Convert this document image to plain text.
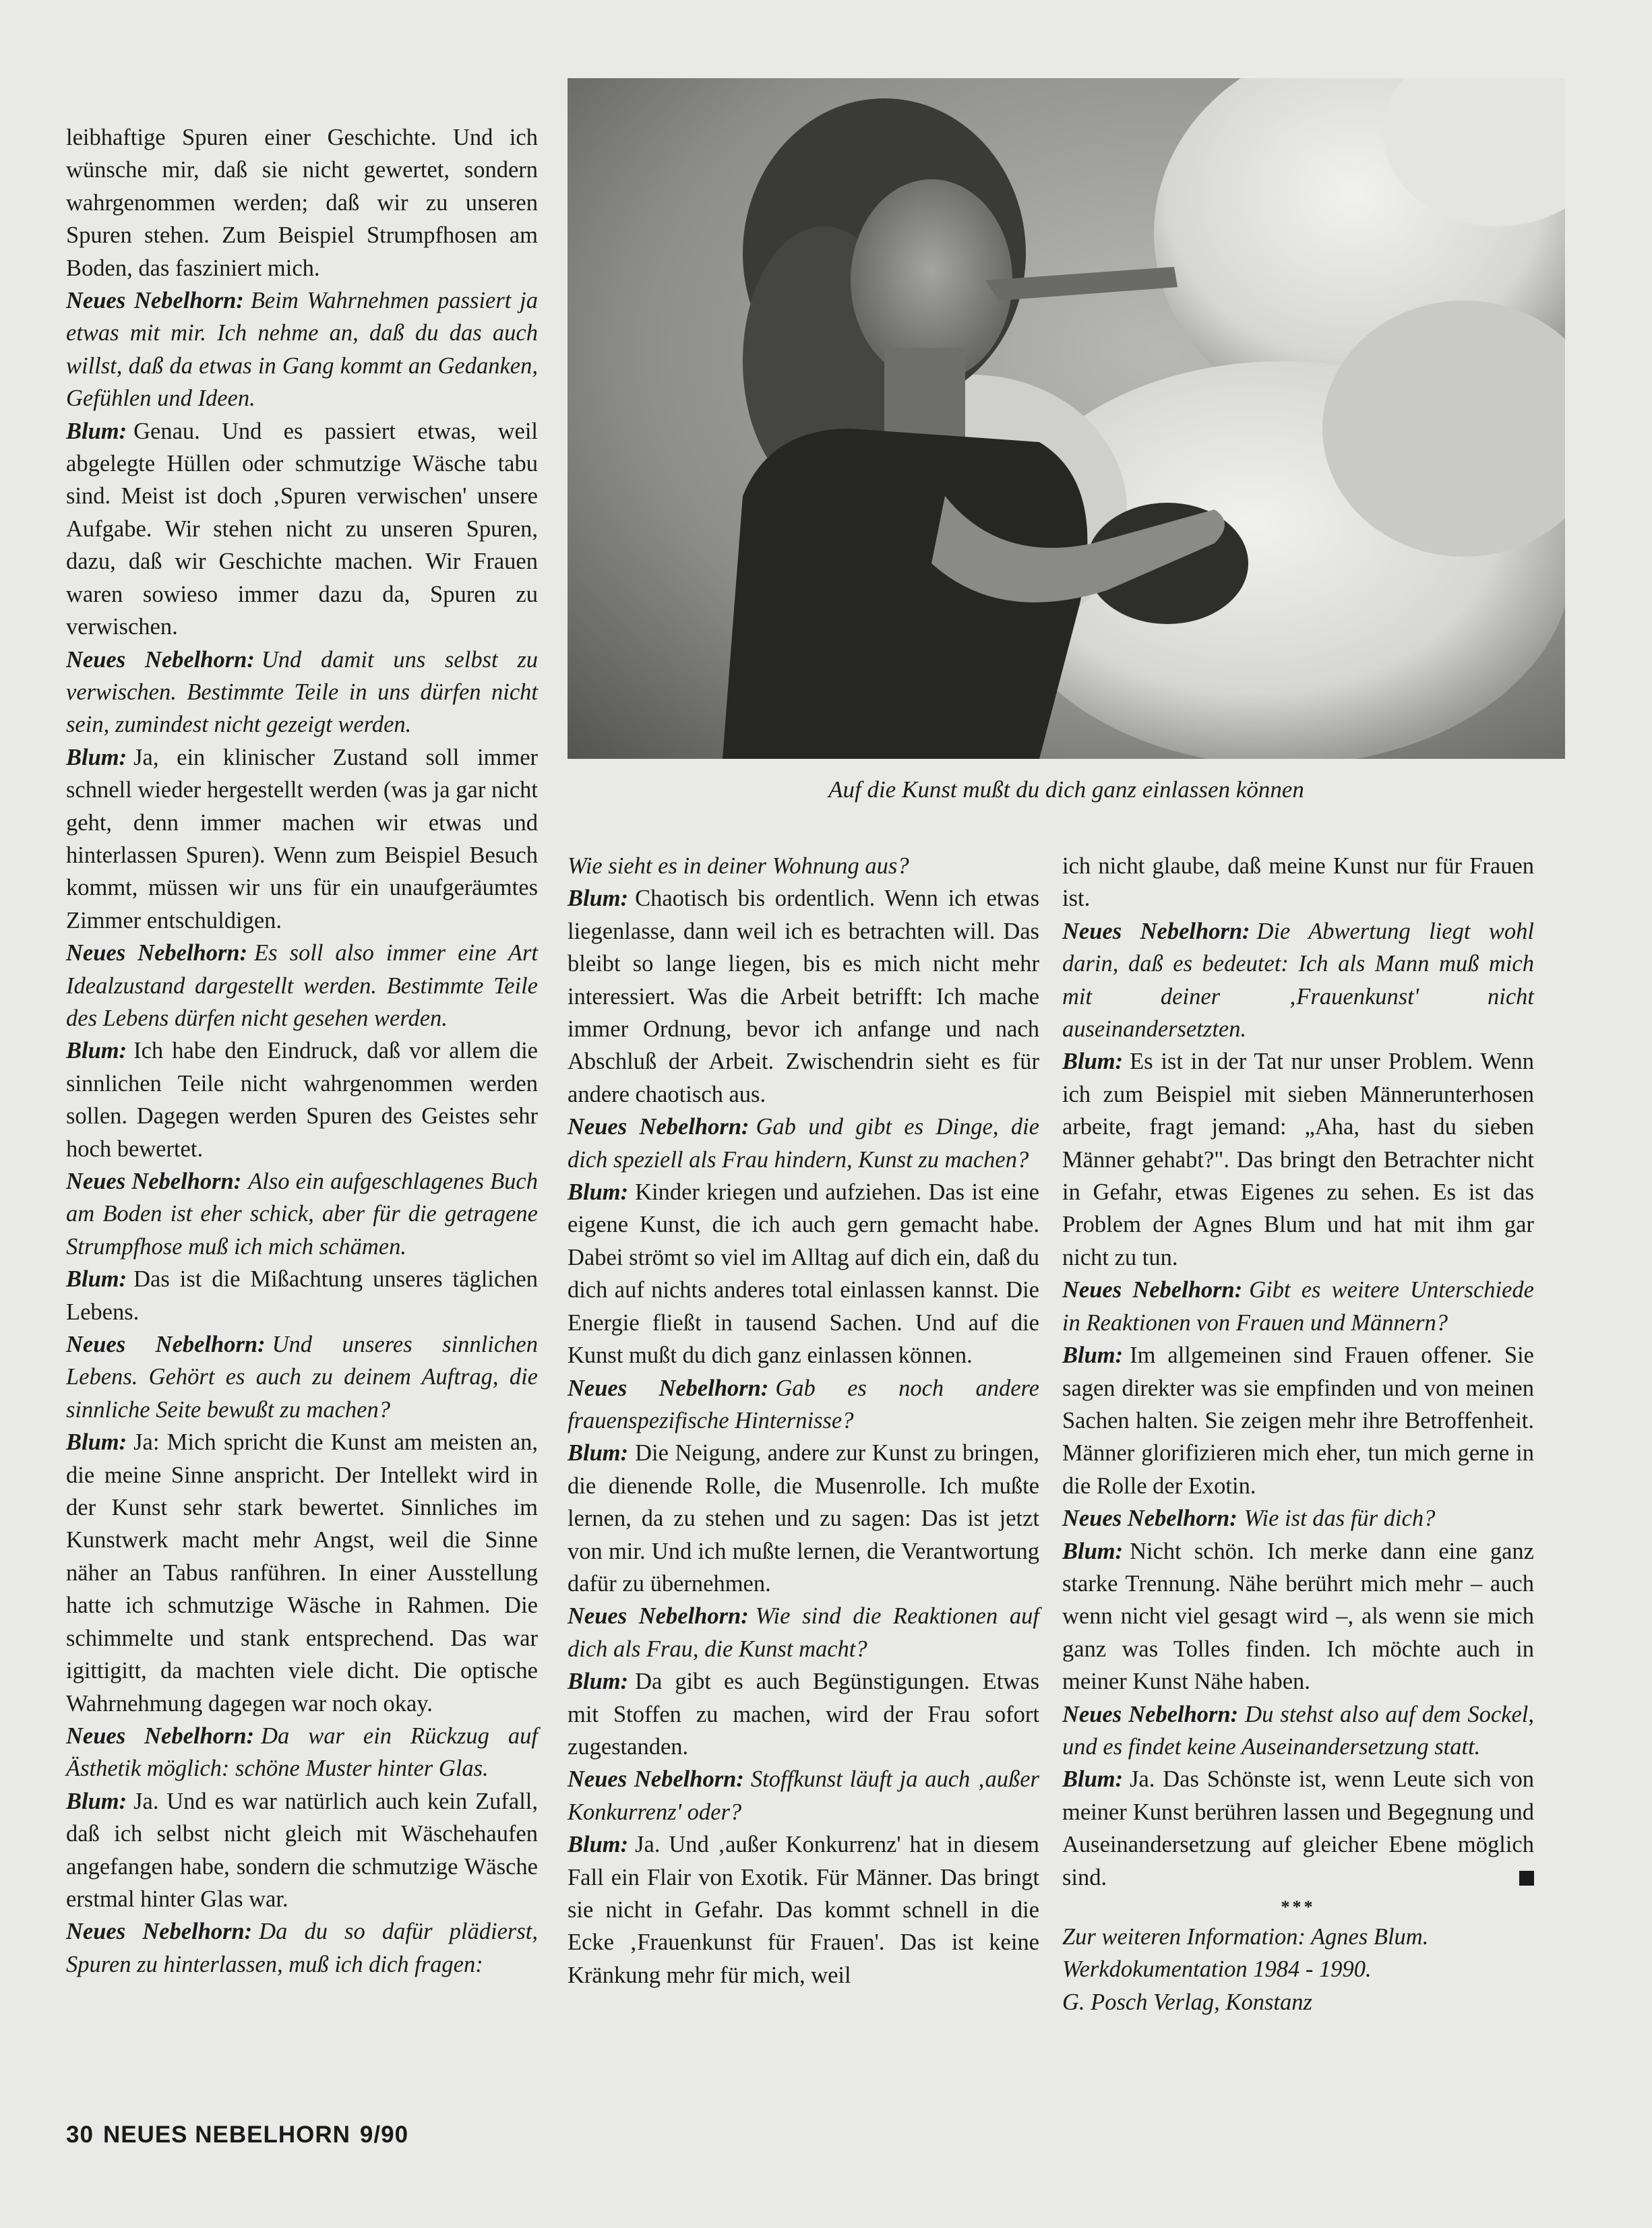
leibhaftige Spuren einer Geschichte. Und ich wünsche mir, daß sie nicht gewertet, sondern wahrgenommen werden; daß wir zu unseren Spuren stehen. Zum Beispiel Strumpfhosen am Boden, das fasziniert mich.

Neues Nebelhorn: Beim Wahrnehmen passiert ja etwas mit mir. Ich nehme an, daß du das auch willst, daß da etwas in Gang kommt an Gedanken, Gefühlen und Ideen.

Blum: Genau. Und es passiert etwas, weil abgelegte Hüllen oder schmutzige Wäsche tabu sind. Meist ist doch ‚Spuren verwischen' unsere Aufgabe. Wir stehen nicht zu unseren Spuren, dazu, daß wir Geschichte machen. Wir Frauen waren sowieso immer dazu da, Spuren zu verwischen.

Neues Nebelhorn: Und damit uns selbst zu verwischen. Bestimmte Teile in uns dürfen nicht sein, zumindest nicht gezeigt werden.

Blum: Ja, ein klinischer Zustand soll immer schnell wieder hergestellt werden (was ja gar nicht geht, denn immer machen wir etwas und hinterlassen Spuren). Wenn zum Beispiel Besuch kommt, müssen wir uns für ein unaufgeräumtes Zimmer entschuldigen.

Neues Nebelhorn: Es soll also immer eine Art Idealzustand dargestellt werden. Bestimmte Teile des Lebens dürfen nicht gesehen werden.

Blum: Ich habe den Eindruck, daß vor allem die sinnlichen Teile nicht wahrgenommen werden sollen. Dagegen werden Spuren des Geistes sehr hoch bewertet.

Neues Nebelhorn: Also ein aufgeschlagenes Buch am Boden ist eher schick, aber für die getragene Strumpfhose muß ich mich schämen.

Blum: Das ist die Mißachtung unseres täglichen Lebens.

Neues Nebelhorn: Und unseres sinnlichen Lebens. Gehört es auch zu deinem Auftrag, die sinnliche Seite bewußt zu machen?

Blum: Ja: Mich spricht die Kunst am meisten an, die meine Sinne anspricht. Der Intellekt wird in der Kunst sehr stark bewertet. Sinnliches im Kunstwerk macht mehr Angst, weil die Sinne näher an Tabus ranführen. In einer Ausstellung hatte ich schmutzige Wäsche in Rahmen. Die schimmelte und stank entsprechend. Das war igittigitt, da machten viele dicht. Die optische Wahrnehmung dagegen war noch okay.

Neues Nebelhorn: Da war ein Rückzug auf Ästhetik möglich: schöne Muster hinter Glas.

Blum: Ja. Und es war natürlich auch kein Zufall, daß ich selbst nicht gleich mit Wäschehaufen angefangen habe, sondern die schmutzige Wäsche erstmal hinter Glas war.

Neues Nebelhorn: Da du so dafür plädierst, Spuren zu hinterlassen, muß ich dich fragen:

Auf die Kunst mußt du dich ganz einlassen können

Wie sieht es in deiner Wohnung aus?

Blum: Chaotisch bis ordentlich. Wenn ich etwas liegenlasse, dann weil ich es betrachten will. Das bleibt so lange liegen, bis es mich nicht mehr interessiert. Was die Arbeit betrifft: Ich mache immer Ordnung, bevor ich anfange und nach Abschluß der Arbeit. Zwischendrin sieht es für andere chaotisch aus.

Neues Nebelhorn: Gab und gibt es Dinge, die dich speziell als Frau hindern, Kunst zu machen?

Blum: Kinder kriegen und aufziehen. Das ist eine eigene Kunst, die ich auch gern gemacht habe. Dabei strömt so viel im Alltag auf dich ein, daß du dich auf nichts anderes total einlassen kannst. Die Energie fließt in tausend Sachen. Und auf die Kunst mußt du dich ganz einlassen können.

Neues Nebelhorn: Gab es noch andere frauenspezifische Hinternisse?

Blum: Die Neigung, andere zur Kunst zu bringen, die dienende Rolle, die Musenrolle. Ich mußte lernen, da zu stehen und zu sagen: Das ist jetzt von mir. Und ich mußte lernen, die Verantwortung dafür zu übernehmen.

Neues Nebelhorn: Wie sind die Reaktionen auf dich als Frau, die Kunst macht?

Blum: Da gibt es auch Begünstigungen. Etwas mit Stoffen zu machen, wird der Frau sofort zugestanden.

Neues Nebelhorn: Stoffkunst läuft ja auch ‚außer Konkurrenz' oder?

Blum: Ja. Und ‚außer Konkurrenz' hat in diesem Fall ein Flair von Exotik. Für Männer. Das bringt sie nicht in Gefahr. Das kommt schnell in die Ecke ‚Frauenkunst für Frauen'. Das ist keine Kränkung mehr für mich, weil

ich nicht glaube, daß meine Kunst nur für Frauen ist.

Neues Nebelhorn: Die Abwertung liegt wohl darin, daß es bedeutet: Ich als Mann muß mich mit deiner ‚Frauenkunst' nicht auseinandersetzten.

Blum: Es ist in der Tat nur unser Problem. Wenn ich zum Beispiel mit sieben Männerunterhosen arbeite, fragt jemand: „Aha, hast du sieben Männer gehabt?". Das bringt den Betrachter nicht in Gefahr, etwas Eigenes zu sehen. Es ist das Problem der Agnes Blum und hat mit ihm gar nicht zu tun.

Neues Nebelhorn: Gibt es weitere Unterschiede in Reaktionen von Frauen und Männern?

Blum: Im allgemeinen sind Frauen offener. Sie sagen direkter was sie empfinden und von meinen Sachen halten. Sie zeigen mehr ihre Betroffenheit. Männer glorifizieren mich eher, tun mich gerne in die Rolle der Exotin.

Neues Nebelhorn: Wie ist das für dich?

Blum: Nicht schön. Ich merke dann eine ganz starke Trennung. Nähe berührt mich mehr – auch wenn nicht viel gesagt wird –, als wenn sie mich ganz was Tolles finden. Ich möchte auch in meiner Kunst Nähe haben.

Neues Nebelhorn: Du stehst also auf dem Sockel, und es findet keine Auseinandersetzung statt.

Blum: Ja. Das Schönste ist, wenn Leute sich von meiner Kunst berühren lassen und Begegnung und Auseinandersetzung auf gleicher Ebene möglich sind.

***
Zur weiteren Information: Agnes Blum.
Werkdokumentation 1984 - 1990.
G. Posch Verlag, Konstanz
30 NEUES NEBELHORN 9/90
